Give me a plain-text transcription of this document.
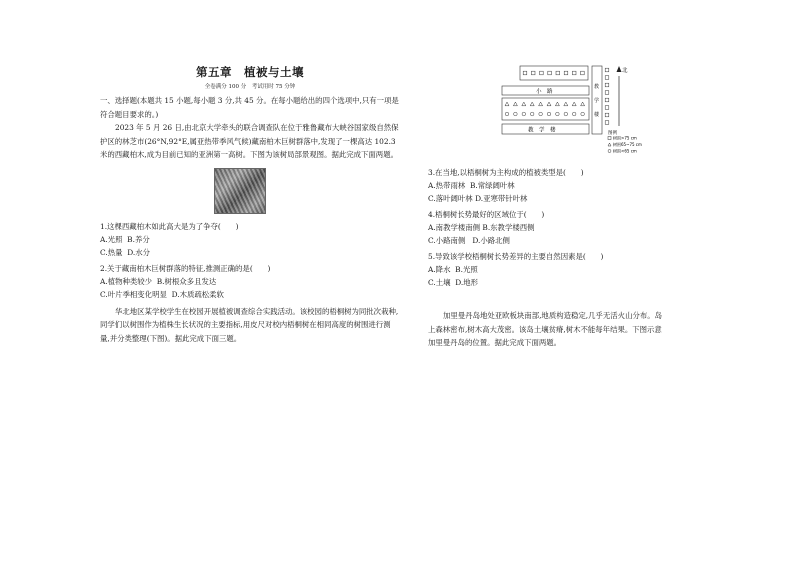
第五章　植被与土壤
全卷满分 100 分　考试用时 75 分钟

一、选择题(本题共 15 小题,每小题 3 分,共 45 分。在每小题给出的四个选项中,只有一项是符合题目要求的。)

2023 年 5 月 26 日,由北京大学牵头的联合调查队在位于雅鲁藏布大峡谷国家级自然保护区的林芝市(26°N,92°E,属亚热带季风气候)藏南柏木巨树群落中,发现了一棵高达 102.3 米的西藏柏木,成为目前已知的亚洲第一高树。下图为该树局部景观图。据此完成下面两题。

1.这棵西藏柏木如此高大是为了争夺(　　)

A.光照 B.养分

C.热量 D.水分

2.关于藏南柏木巨树群落的特征,推测正确的是(　　)

A.植物种类较少 B.树根众多且发达

C.叶片季相变化明显 D.木质疏松柔软

华北地区某学校学生在校园开展植被调查综合实践活动。该校园的梧桐树为同批次栽种,同学们以树围作为植株生长状况的主要指标,用皮尺对校内梧桐树在相同高度的树围进行测量,并分类整理(下图)。据此完成下面三题。

北
小　路
教
学
楼
教　学　楼	图例
树围>75 cm
树围65~75 cm
树围<65 cm

3.在当地,以梧桐树为主构成的植被类型是(　　)

A.热带雨林 B.常绿阔叶林

C.落叶阔叶林 D.亚寒带针叶林

4.梧桐树长势最好的区域位于(　　)

A.南教学楼南侧 B.东教学楼西侧

C.小路南侧 D.小路北侧

5.导致该学校梧桐树长势差异的主要自然因素是(　　)

A.降水 B.光照

C.土壤 D.地形

加里曼丹岛地处亚欧板块南部,地质构造稳定,几乎无活火山分布。岛上森林密布,树木高大茂密。该岛土壤贫瘠,树木不能每年结果。下图示意加里曼丹岛的位置。据此完成下面两题。
